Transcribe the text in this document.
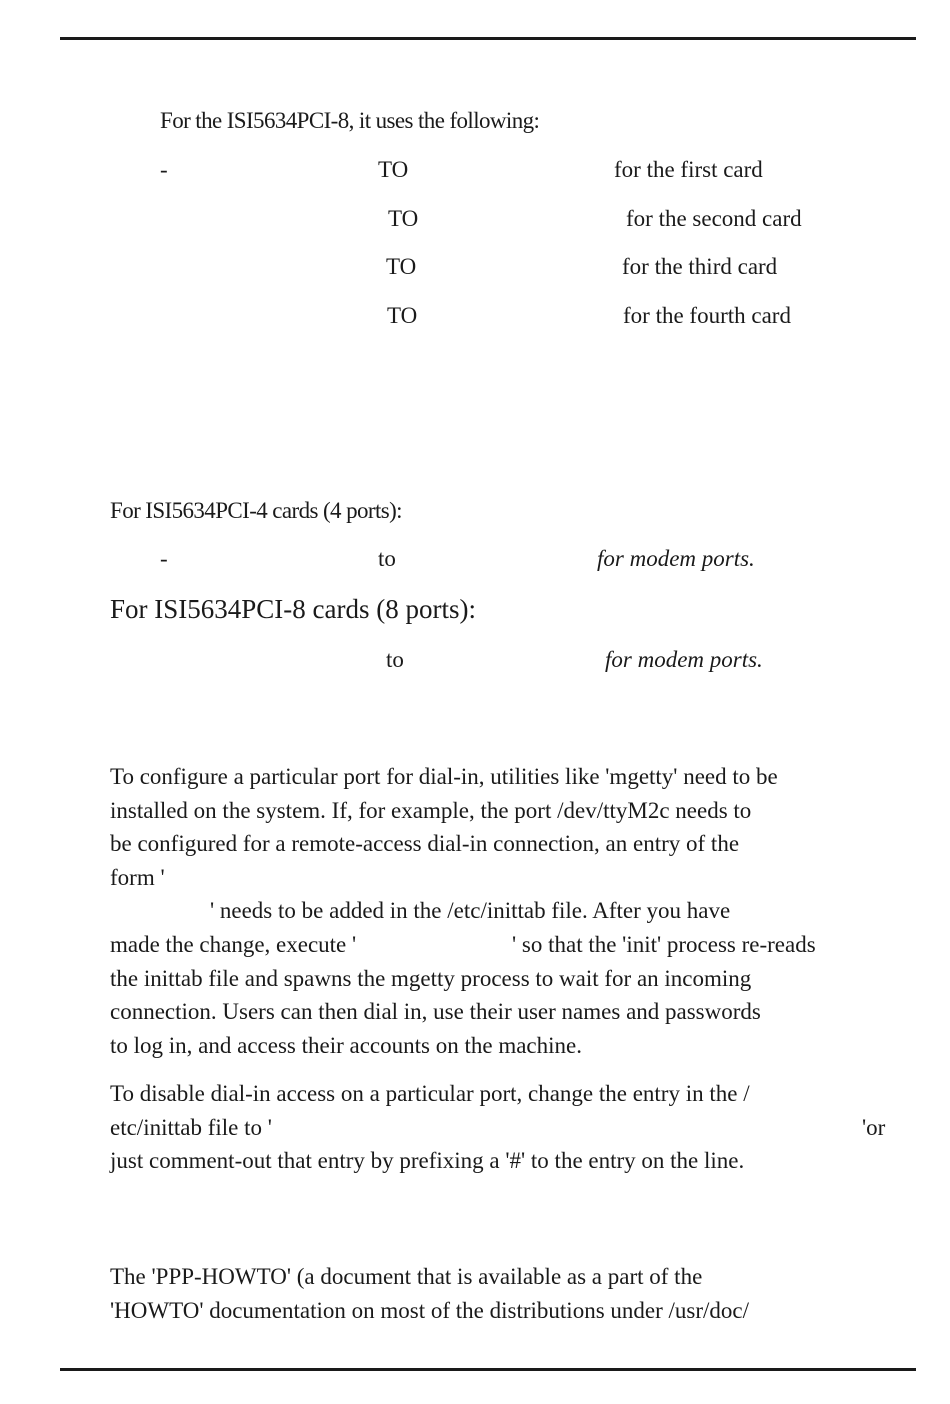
For the ISI5634PCI-8, it uses the following:
-	TO	for the first card
TO	for the second card
TO	for the third card
TO	for the fourth card
For ISI5634PCI-4 cards (4 ports):
-	to	for modem ports.
For ISI5634PCI-8 cards (8 ports):
to	for modem ports.
To configure a particular port for dial-in, utilities like 'mgetty' need to be
installed on the system. If, for example, the port /dev/ttyM2c needs to
be configured for a remote-access dial-in connection, an entry of the
form '
' needs to be added in the /etc/inittab file. After you have
made the change, execute '	' so that the 'init' process re-reads
the inittab file and spawns the mgetty process to wait for an incoming
connection. Users can then dial in, use their user names and passwords
to log in, and access their accounts on the machine.
To disable dial-in access on a particular port, change the entry in the /
etc/inittab file to '	'or
just comment-out that entry by prefixing a '#' to the entry on the line.
The 'PPP-HOWTO' (a document that is available as a part of the
'HOWTO' documentation on most of the distributions under /usr/doc/
